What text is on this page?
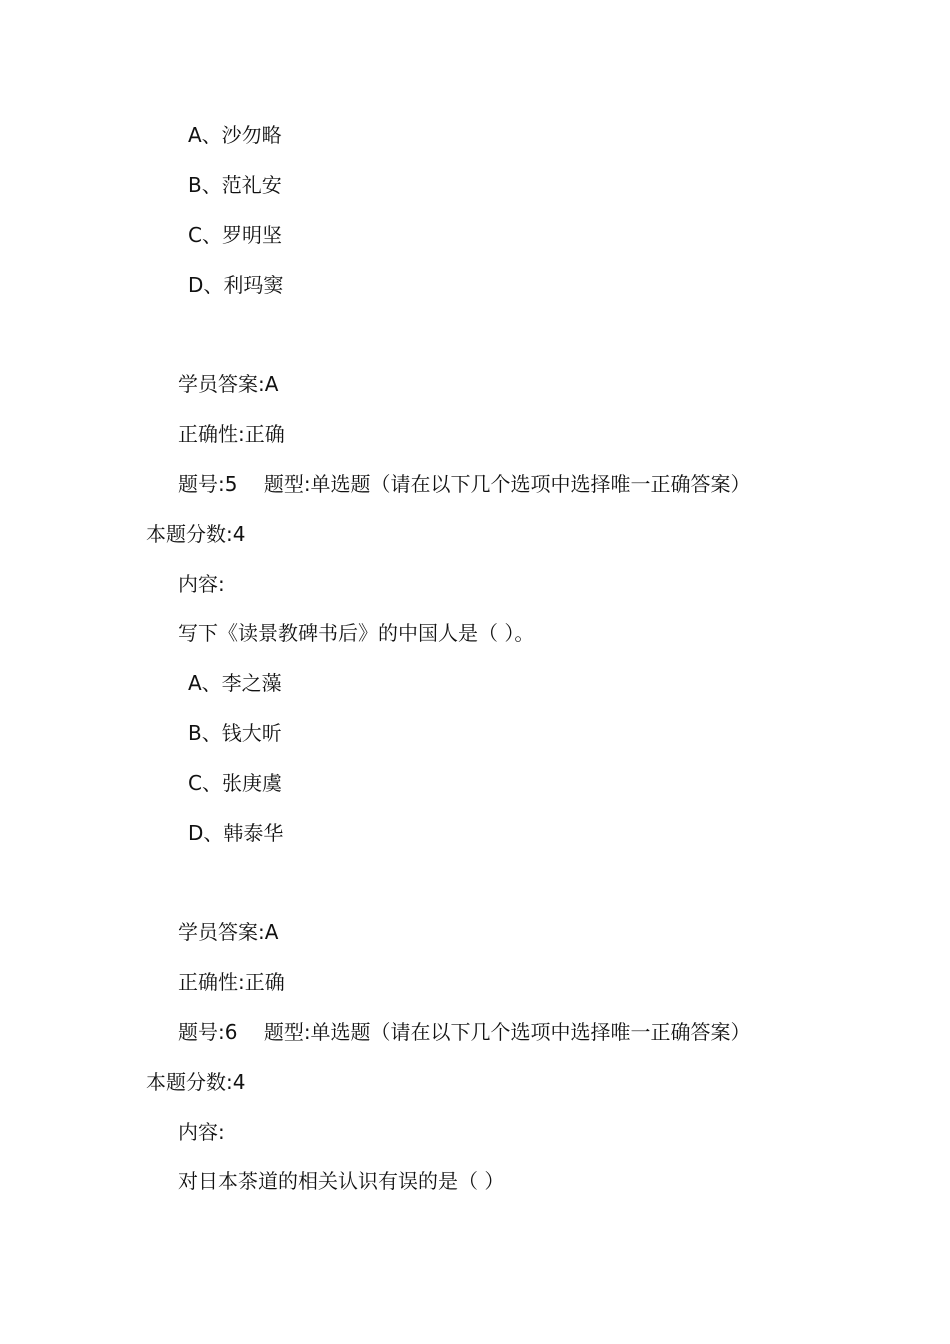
A、沙勿略
B、范礼安
C、罗明坚
D、利玛窦
学员答案:A
正确性:正确
题号:5　 题型:单选题（请在以下几个选项中选择唯一正确答案）
本题分数:4
内容:
写下《读景教碑书后》的中国人是（ ）。
A、李之藻
B、钱大昕
C、张庚虞
D、韩泰华
学员答案:A
正确性:正确
题号:6　 题型:单选题（请在以下几个选项中选择唯一正确答案）
本题分数:4
内容:
对日本茶道的相关认识有误的是（ ）
